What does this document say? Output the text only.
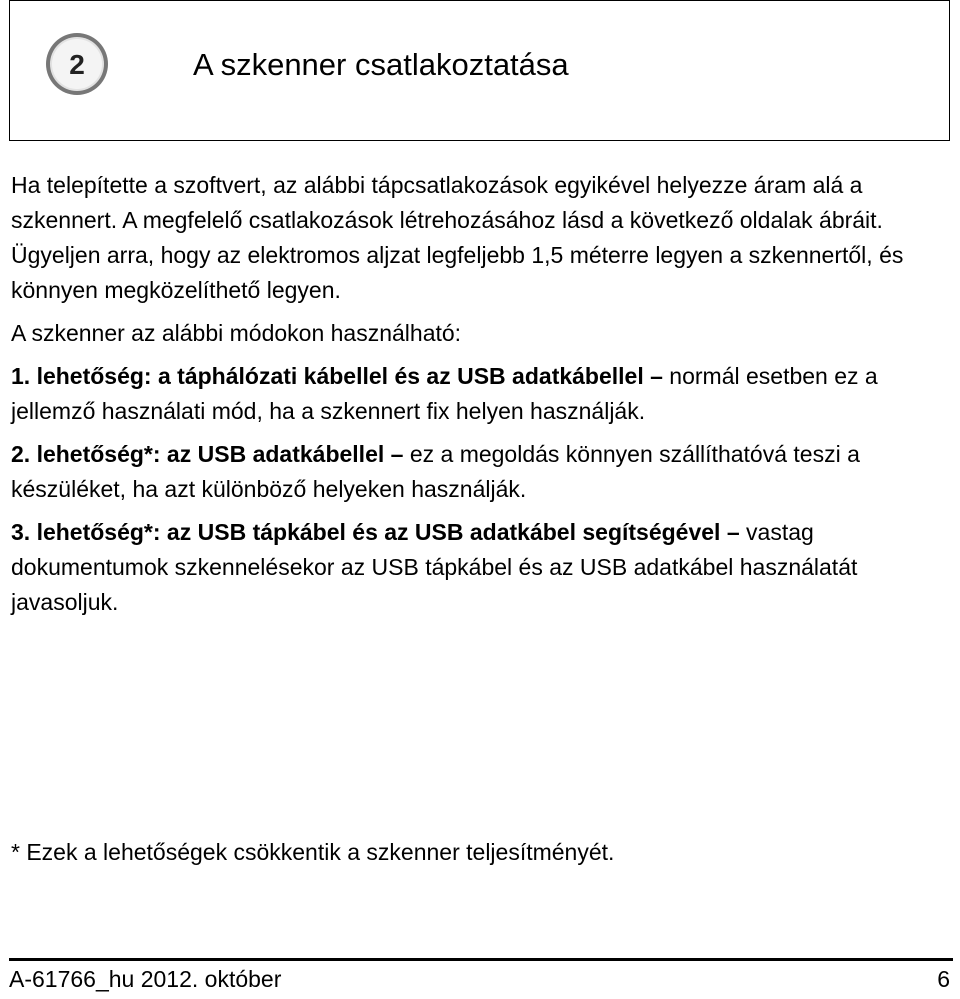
2	A szkenner csatlakoztatása

Ha telepítette a szoftvert, az alábbi tápcsatlakozások egyikével helyezze áram alá a szkennert. A megfelelő csatlakozások létrehozásához lásd a következő oldalak ábráit. Ügyeljen arra, hogy az elektromos aljzat legfeljebb 1,5 méterre legyen a szkennertől, és könnyen megközelíthető legyen.

A szkenner az alábbi módokon használható:

1. lehetőség: a táphálózati kábellel és az USB adatkábellel – normál esetben ez a jellemző használati mód, ha a szkennert fix helyen használják.

2. lehetőség*: az USB adatkábellel – ez a megoldás könnyen szállíthatóvá teszi a készüléket, ha azt különböző helyeken használják.

3. lehetőség*: az USB tápkábel és az USB adatkábel segítségével – vastag dokumentumok szkennelésekor az USB tápkábel és az USB adatkábel használatát javasoljuk.

* Ezek a lehetőségek csökkentik a szkenner teljesítményét.
A-61766_hu 2012. október	6
